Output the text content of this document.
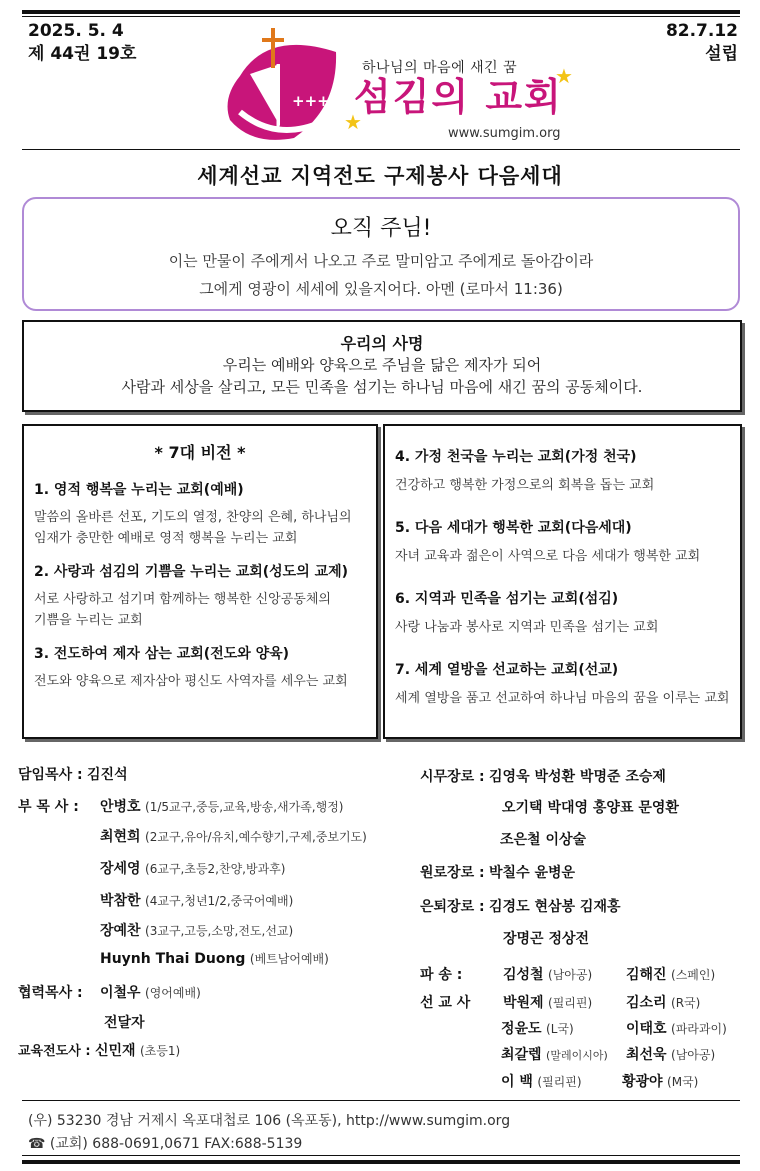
2025. 5. 4
제 44권 19호
82.7.12
설립
+++
★
★
하나님의 마음에 새긴 꿈
섬김의 교회
www.sumgim.org
세계선교 지역전도 구제봉사 다음세대
오직 주님!
이는 만물이 주에게서 나오고 주로 말미암고 주에게로 돌아감이라
그에게 영광이 세세에 있을지어다. 아멘 (로마서 11:36)
우리의 사명
우리는 예배와 양육으로 주님을 닮은 제자가 되어
사람과 세상을 살리고, 모든 민족을 섬기는 하나님 마음에 새긴 꿈의 공동체이다.
* 7대 비전 *
1. 영적 행복을 누리는 교회(예배)
말씀의 올바른 선포, 기도의 열정, 찬양의 은혜, 하나님의
임재가 충만한 예배로 영적 행복을 누리는 교회
2. 사랑과 섬김의 기쁨을 누리는 교회(성도의 교제)
서로 사랑하고 섬기며 함께하는 행복한 신앙공동체의
기쁨을 누리는 교회
3. 전도하여 제자 삼는 교회(전도와 양육)
전도와 양육으로 제자삼아 평신도 사역자를 세우는 교회
4. 가정 천국을 누리는 교회(가정 천국)
건강하고 행복한 가정으로의 회복을 돕는 교회
5. 다음 세대가 행복한 교회(다음세대)
자녀 교육과 젊은이 사역으로 다음 세대가 행복한 교회
6. 지역과 민족을 섬기는 교회(섬김)
사랑 나눔과 봉사로 지역과 민족을 섬기는 교회
7. 세계 열방을 선교하는 교회(선교)
세계 열방을 품고 선교하여 하나님 마음의 꿈을 이루는 교회
담임목사 : 김진석
부 목 사 : 안병호 (1/5교구,중등,교육,방송,새가족,행정)
최현희 (2교구,유아/유치,예수향기,구제,중보기도)
장세영 (6교구,초등2,찬양,방과후)
박참한 (4교구,청년1/2,중국어예배)
장예찬 (3교구,고등,소망,전도,선교)
Huynh Thai Duong (베트남어예배)
협력목사 : 이철우 (영어예배)
전달자
교육전도사 : 신민재 (초등1)
시무장로 : 김영욱 박성환 박명준 조승제
오기택 박대영 홍양표 문영환
조은철 이상술
원로장로 : 박칠수 윤병운
은퇴장로 : 김경도 현삼봉 김재홍
장명곤 정상전
파 송 :
선 교 사
김성철 (남아공) 김해진 (스페인)
박원제 (필리핀) 김소리 (R국)
정윤도 (L국)	이태호 (파라과이)
최갈렙 (말레이시아) 최선욱 (남아공)
이 백 (필리핀)	황광야 (M국)
(우) 53230 경남 거제시 옥포대첩로 106 (옥포동), http://www.sumgim.org
☎ (교회) 688-0691,0671 FAX:688-5139
